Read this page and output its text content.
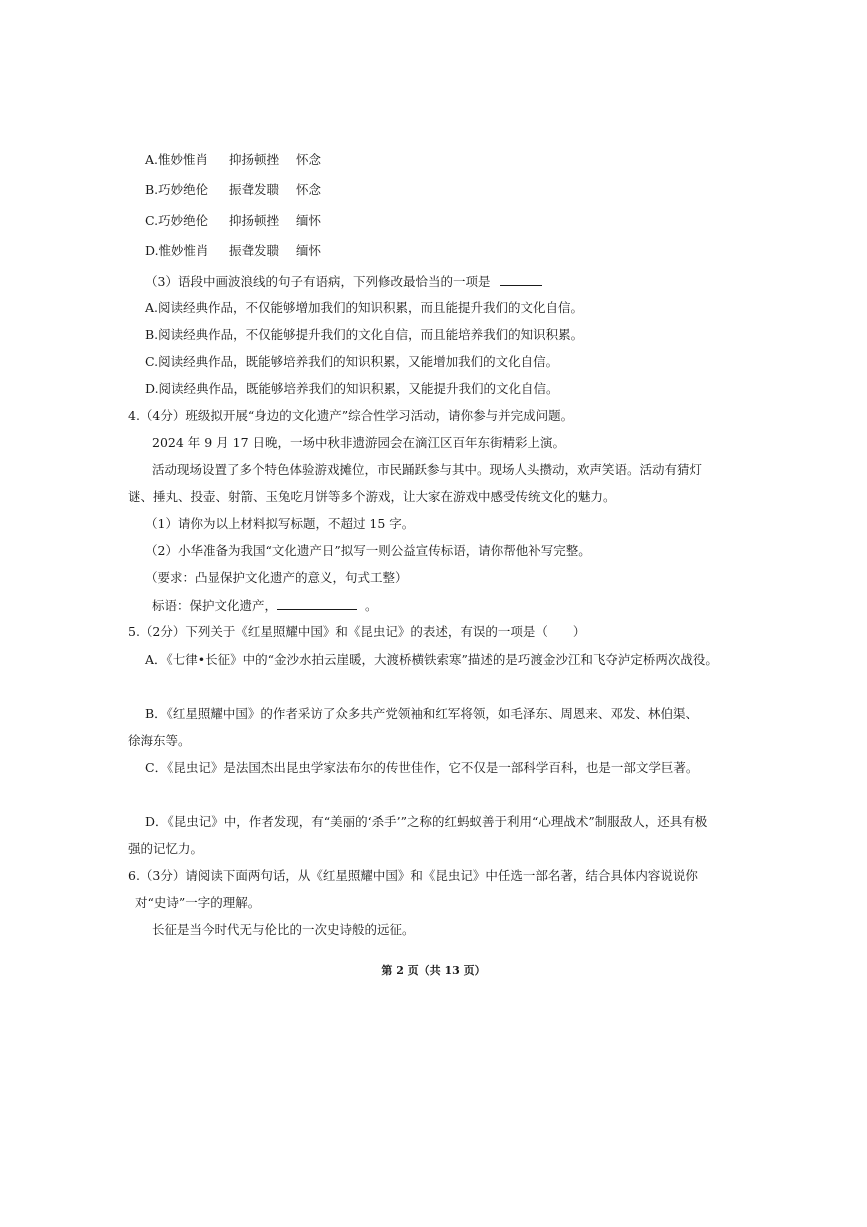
A.惟妙惟肖 抑扬顿挫 怀念
B.巧妙绝伦 振聋发聩 怀念
C.巧妙绝伦 抑扬顿挫 缅怀
D.惟妙惟肖 振聋发聩 缅怀
（3）语段中画波浪线的句子有语病，下列修改最恰当的一项是
A.阅读经典作品，不仅能够增加我们的知识积累，而且能提升我们的文化自信。
B.阅读经典作品，不仅能够提升我们的文化自信，而且能培养我们的知识积累。
C.阅读经典作品，既能够培养我们的知识积累，又能增加我们的文化自信。
D.阅读经典作品，既能够培养我们的知识积累，又能提升我们的文化自信。
4.（4分）班级拟开展“身边的文化遗产”综合性学习活动，请你参与并完成问题。
2024 年 9 月 17 日晚，一场中秋非遗游园会在滴江区百年东街精彩上演。
活动现场设置了多个特色体验游戏摊位，市民踊跃参与其中。现场人头攒动，欢声笑语。活动有猜灯
谜、捶丸、投壶、射箭、玉兔吃月饼等多个游戏，让大家在游戏中感受传统文化的魅力。
（1）请你为以上材料拟写标题，不超过 15 字。
（2）小华准备为我国“文化遗产日”拟写一则公益宣传标语，请你帮他补写完整。
（要求：凸显保护文化遗产的意义，句式工整）
标语：保护文化遗产，	。
5.（2分）下列关于《红星照耀中国》和《昆虫记》的表述，有误的一项是（　　）
A．《七律•长征》中的“金沙水拍云崖暖，大渡桥横铁索寒”描述的是巧渡金沙江和飞夺泸定桥两次战役。
B．《红星照耀中国》的作者采访了众多共产党领袖和红军将领，如毛泽东、周恩来、邓发、林伯渠、
徐海东等。
C．《昆虫记》是法国杰出昆虫学家法布尔的传世佳作，它不仅是一部科学百科，也是一部文学巨著。
D．《昆虫记》中，作者发现，有“美丽的‘杀手’”之称的红蚂蚁善于利用“心理战术”制服敌人，还具有极
强的记忆力。
6.（3分）请阅读下面两句话，从《红星照耀中国》和《昆虫记》中任选一部名著，结合具体内容说说你
对“史诗”一字的理解。
长征是当今时代无与伦比的一次史诗般的远征。
第 2 页（共 13 页）
